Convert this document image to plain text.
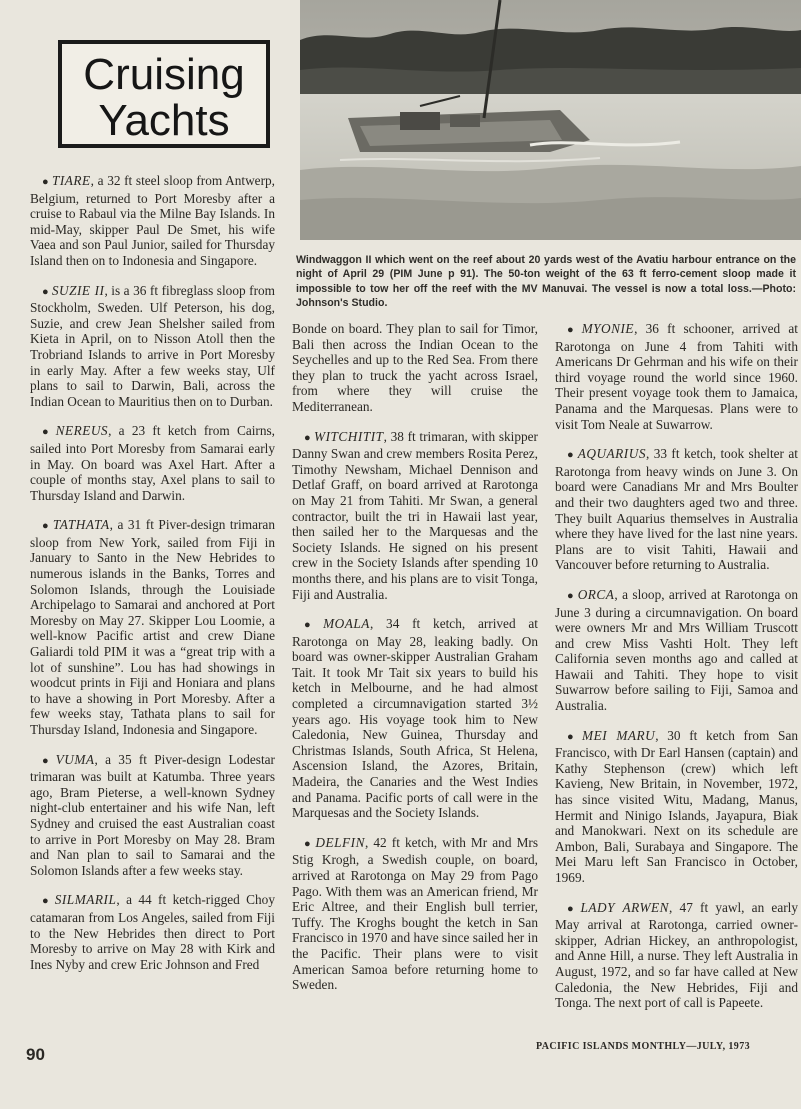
Cruising
Yachts
Windwaggon II which went on the reef about 20 yards west of the Avatiu harbour entrance on the night of April 29 (PIM June p 91). The 50-ton weight of the 63 ft ferro-cement sloop made it impossible to tow her off the reef with the MV Manuvai. The vessel is now a total loss.—Photo: Johnson's Studio.

● TIARE, a 32 ft steel sloop from Antwerp, Belgium, returned to Port Moresby after a cruise to Rabaul via the Milne Bay Islands. In mid-May, skipper Paul De Smet, his wife Vaea and son Paul Junior, sailed for Thursday Island then on to Indonesia and Singapore.

● SUZIE II, is a 36 ft fibreglass sloop from Stockholm, Sweden. Ulf Peterson, his dog, Suzie, and crew Jean Shelsher sailed from Kieta in April, on to Nisson Atoll then the Trobriand Islands to arrive in Port Moresby in early May. After a few weeks stay, Ulf plans to sail to Darwin, Bali, across the Indian Ocean to Mauritius then on to Durban.

● NEREUS, a 23 ft ketch from Cairns, sailed into Port Moresby from Samarai early in May. On board was Axel Hart. After a couple of months stay, Axel plans to sail to Thursday Island and Darwin.

● TATHATA, a 31 ft Piver-design trimaran sloop from New York, sailed from Fiji in January to Santo in the New Hebrides to numerous islands in the Banks, Torres and Solomon Islands, through the Louisiade Archipelago to Samarai and anchored at Port Moresby on May 27. Skipper Lou Loomie, a well-know Pacific artist and crew Diane Galiardi told PIM it was a “great trip with a lot of sunshine”. Lou has had showings in woodcut prints in Fiji and Honiara and plans to have a showing in Port Moresby. After a few weeks stay, Tathata plans to sail for Thursday Island, Indonesia and Singapore.

● VUMA, a 35 ft Piver-design Lodestar trimaran was built at Katumba. Three years ago, Bram Pieterse, a well-known Sydney night-club entertainer and his wife Nan, left Sydney and cruised the east Australian coast to arrive in Port Moresby on May 28. Bram and Nan plan to sail to Samarai and the Solomon Islands after a few weeks stay.

● SILMARIL, a 44 ft ketch-rigged Choy catamaran from Los Angeles, sailed from Fiji to the New Hebrides then direct to Port Moresby to arrive on May 28 with Kirk and Ines Nyby and crew Eric Johnson and Fred

Bonde on board. They plan to sail for Timor, Bali then across the Indian Ocean to the Seychelles and up to the Red Sea. From there they plan to truck the yacht across Israel, from where they will cruise the Mediterranean.

● WITCHITIT, 38 ft trimaran, with skipper Danny Swan and crew members Rosita Perez, Timothy Newsham, Michael Dennison and Detlaf Graff, on board arrived at Rarotonga on May 21 from Tahiti. Mr Swan, a general contractor, built the tri in Hawaii last year, then sailed her to the Marquesas and the Society Islands. He signed on his present crew in the Society Islands after spending 10 months there, and his plans are to visit Tonga, Fiji and Australia.

● MOALA, 34 ft ketch, arrived at Rarotonga on May 28, leaking badly. On board was owner-skipper Australian Graham Tait. It took Mr Tait six years to build his ketch in Melbourne, and he had almost completed a circumnavigation started 3½ years ago. His voyage took him to New Caledonia, New Guinea, Thursday and Christmas Islands, South Africa, St Helena, Ascension Island, the Azores, Britain, Madeira, the Canaries and the West Indies and Panama. Pacific ports of call were in the Marquesas and the Society Islands.

● DELFIN, 42 ft ketch, with Mr and Mrs Stig Krogh, a Swedish couple, on board, arrived at Rarotonga on May 29 from Pago Pago. With them was an American friend, Mr Eric Altree, and their English bull terrier, Tuffy. The Kroghs bought the ketch in San Francisco in 1970 and have since sailed her in the Pacific. Their plans were to visit American Samoa before returning home to Sweden.

● MYONIE, 36 ft schooner, arrived at Rarotonga on June 4 from Tahiti with Americans Dr Gehrman and his wife on their third voyage round the world since 1960. Their present voyage took them to Jamaica, Panama and the Marquesas. Plans were to visit Tom Neale at Suwarrow.

● AQUARIUS, 33 ft ketch, took shelter at Rarotonga from heavy winds on June 3. On board were Canadians Mr and Mrs Boulter and their two daughters aged two and three. They built Aquarius themselves in Australia where they have lived for the last nine years. Plans are to visit Tahiti, Hawaii and Vancouver before returning to Australia.

● ORCA, a sloop, arrived at Rarotonga on June 3 during a circumnavigation. On board were owners Mr and Mrs William Truscott and crew Miss Vashti Holt. They left California seven months ago and called at Hawaii and Tahiti. They hope to visit Suwarrow before sailing to Fiji, Samoa and Australia.

● MEI MARU, 30 ft ketch from San Francisco, with Dr Earl Hansen (captain) and Kathy Stephenson (crew) which left Kavieng, New Britain, in November, 1972, has since visited Witu, Madang, Manus, Hermit and Ninigo Islands, Jayapura, Biak and Manokwari. Next on its schedule are Ambon, Bali, Surabaya and Singapore. The Mei Maru left San Francisco in October, 1969.

● LADY ARWEN, 47 ft yawl, an early May arrival at Rarotonga, carried owner-skipper, Adrian Hickey, an anthropologist, and Anne Hill, a nurse. They left Australia in August, 1972, and so far have called at New Caledonia, the New Hebrides, Fiji and Tonga. The next port of call is Papeete.

90	PACIFIC ISLANDS MONTHLY—JULY, 1973
